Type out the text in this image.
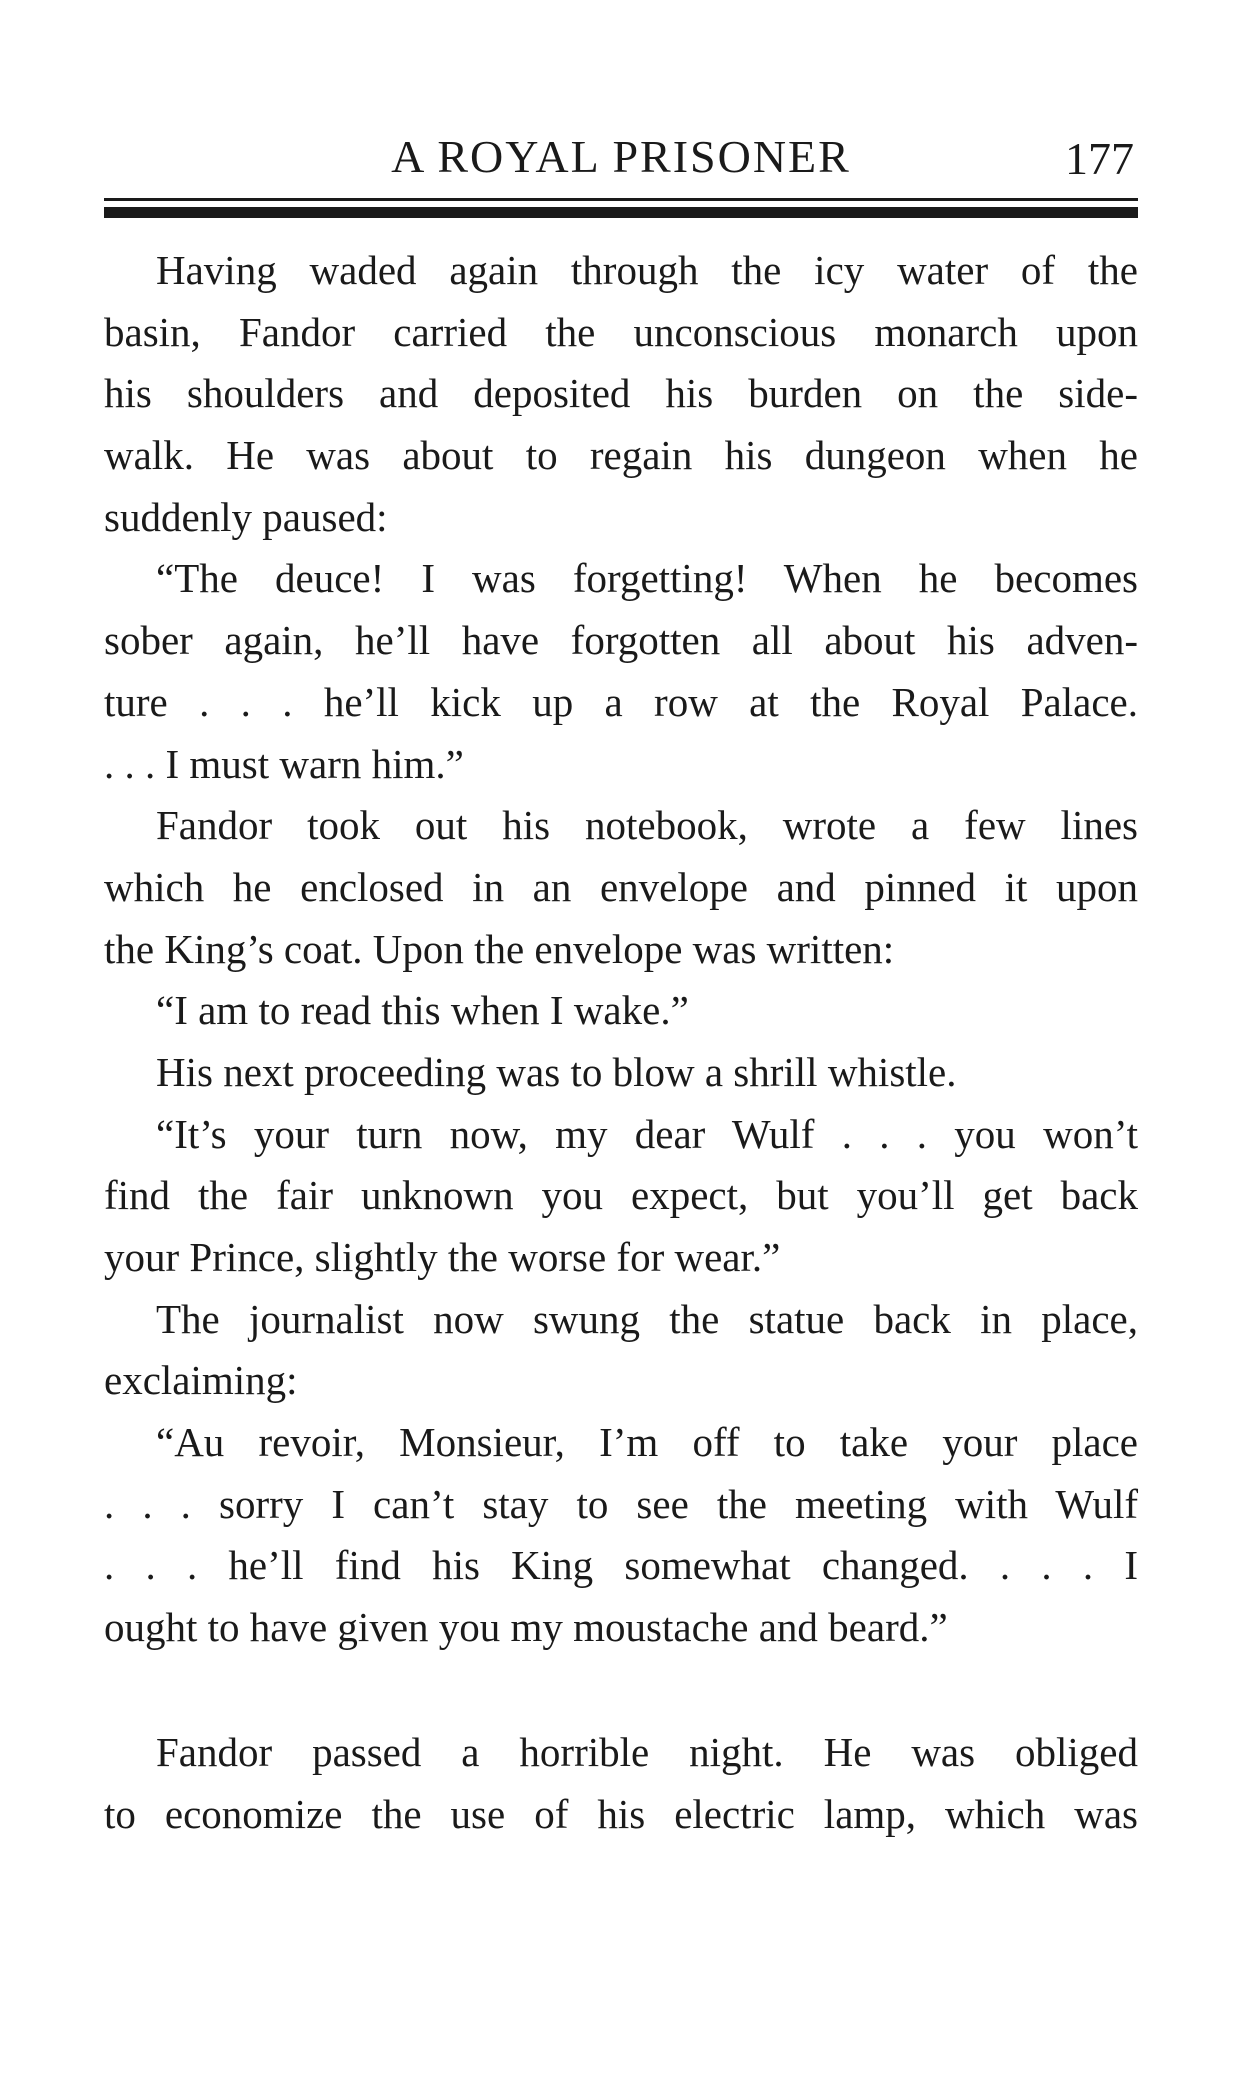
A ROYAL PRISONER	177
Having waded again through the icy water of the
basin, Fandor carried the unconscious monarch upon
his shoulders and deposited his burden on the side-
walk. He was about to regain his dungeon when he
suddenly paused:
“The deuce! I was forgetting! When he becomes
sober again, he’ll have forgotten all about his adven-
ture . . . he’ll kick up a row at the Royal Palace.
. . . I must warn him.”
Fandor took out his notebook, wrote a few lines
which he enclosed in an envelope and pinned it upon
the King’s coat. Upon the envelope was written:
“I am to read this when I wake.”
His next proceeding was to blow a shrill whistle.
“It’s your turn now, my dear Wulf . . . you won’t
find the fair unknown you expect, but you’ll get back
your Prince, slightly the worse for wear.”
The journalist now swung the statue back in place,
exclaiming:
“Au revoir, Monsieur, I’m off to take your place
. . . sorry I can’t stay to see the meeting with Wulf
. . . he’ll find his King somewhat changed. . . . I
ought to have given you my moustache and beard.”
Fandor passed a horrible night. He was obliged
to economize the use of his electric lamp, which was
